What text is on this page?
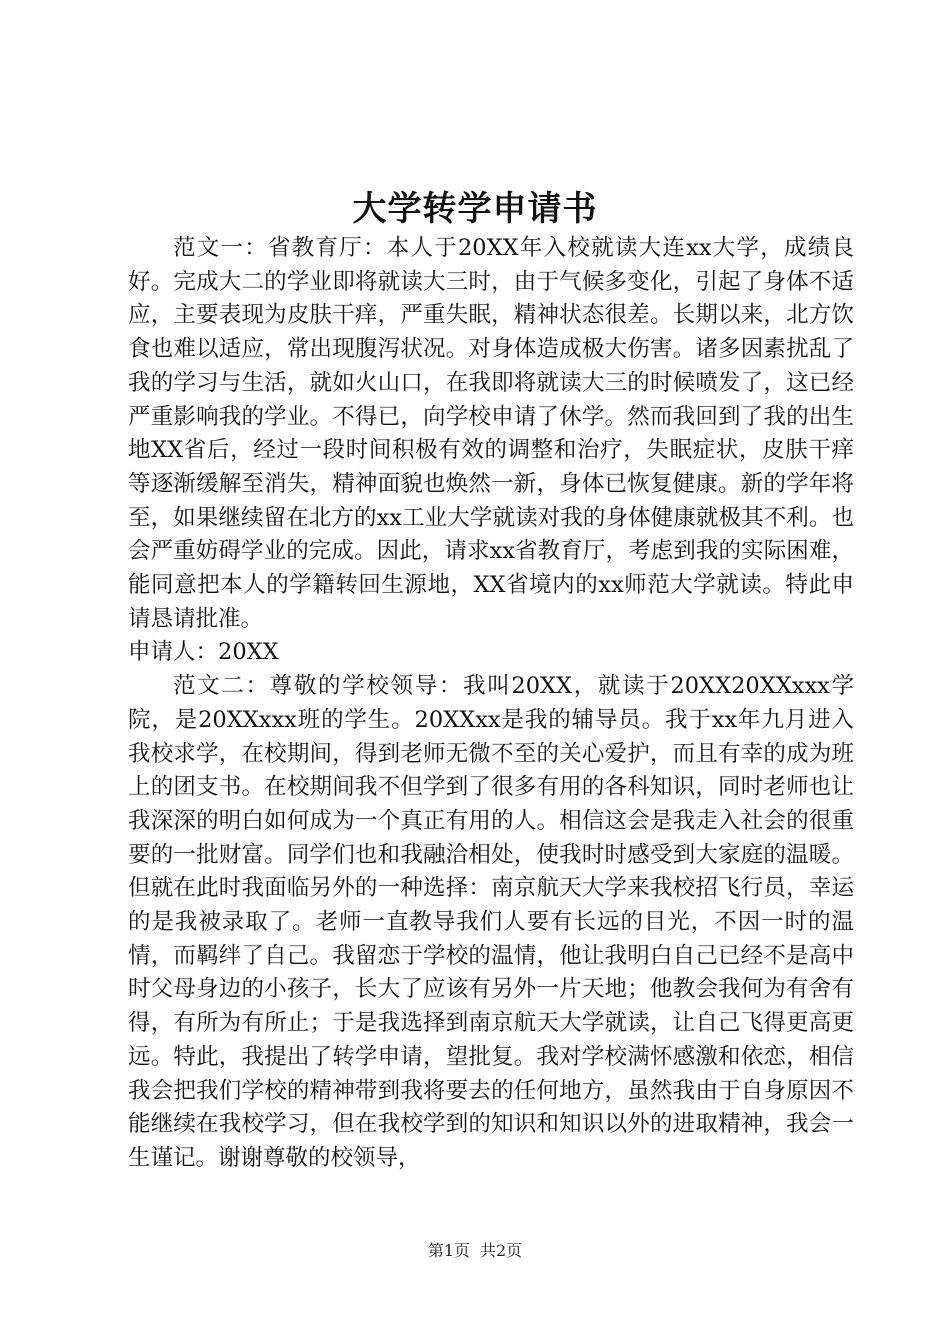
大学转学申请书

范文一：省教育厅：本人于20XX年入校就读大连xx大学，成绩良好。完成大二的学业即将就读大三时，由于气候多变化，引起了身体不适应，主要表现为皮肤干痒，严重失眠，精神状态很差。长期以来，北方饮食也难以适应，常出现腹泻状况。对身体造成极大伤害。诸多因素扰乱了我的学习与生活，就如火山口，在我即将就读大三的时候喷发了，这已经严重影响我的学业。不得已，向学校申请了休学。然而我回到了我的出生地XX省后，经过一段时间积极有效的调整和治疗，失眠症状，皮肤干痒等逐渐缓解至消失，精神面貌也焕然一新，身体已恢复健康。新的学年将至，如果继续留在北方的xx工业大学就读对我的身体健康就极其不利。也会严重妨碍学业的完成。因此，请求xx省教育厅，考虑到我的实际困难，能同意把本人的学籍转回生源地，XX省境内的xx师范大学就读。特此申请恳请批准。

申请人：20XX

范文二：尊敬的学校领导：我叫20XX，就读于20XX20XXxxx学院，是20XXxxx班的学生。20XXxx是我的辅导员。我于xx年九月进入我校求学，在校期间，得到老师无微不至的关心爱护，而且有幸的成为班上的团支书。在校期间我不但学到了很多有用的各科知识，同时老师也让我深深的明白如何成为一个真正有用的人。相信这会是我走入社会的很重要的一批财富。同学们也和我融洽相处，使我时时感受到大家庭的温暖。但就在此时我面临另外的一种选择：南京航天大学来我校招飞行员，幸运的是我被录取了。老师一直教导我们人要有长远的目光，不因一时的温情，而羁绊了自己。我留恋于学校的温情，他让我明白自己已经不是高中时父母身边的小孩子，长大了应该有另外一片天地；他教会我何为有舍有得，有所为有所止；于是我选择到南京航天大学就读，让自己飞得更高更远。特此，我提出了转学申请，望批复。我对学校满怀感激和依恋，相信我会把我们学校的精神带到我将要去的任何地方，虽然我由于自身原因不能继续在我校学习，但在我校学到的知识和知识以外的进取精神，我会一生谨记。谢谢尊敬的校领导，

第1页 共2页
